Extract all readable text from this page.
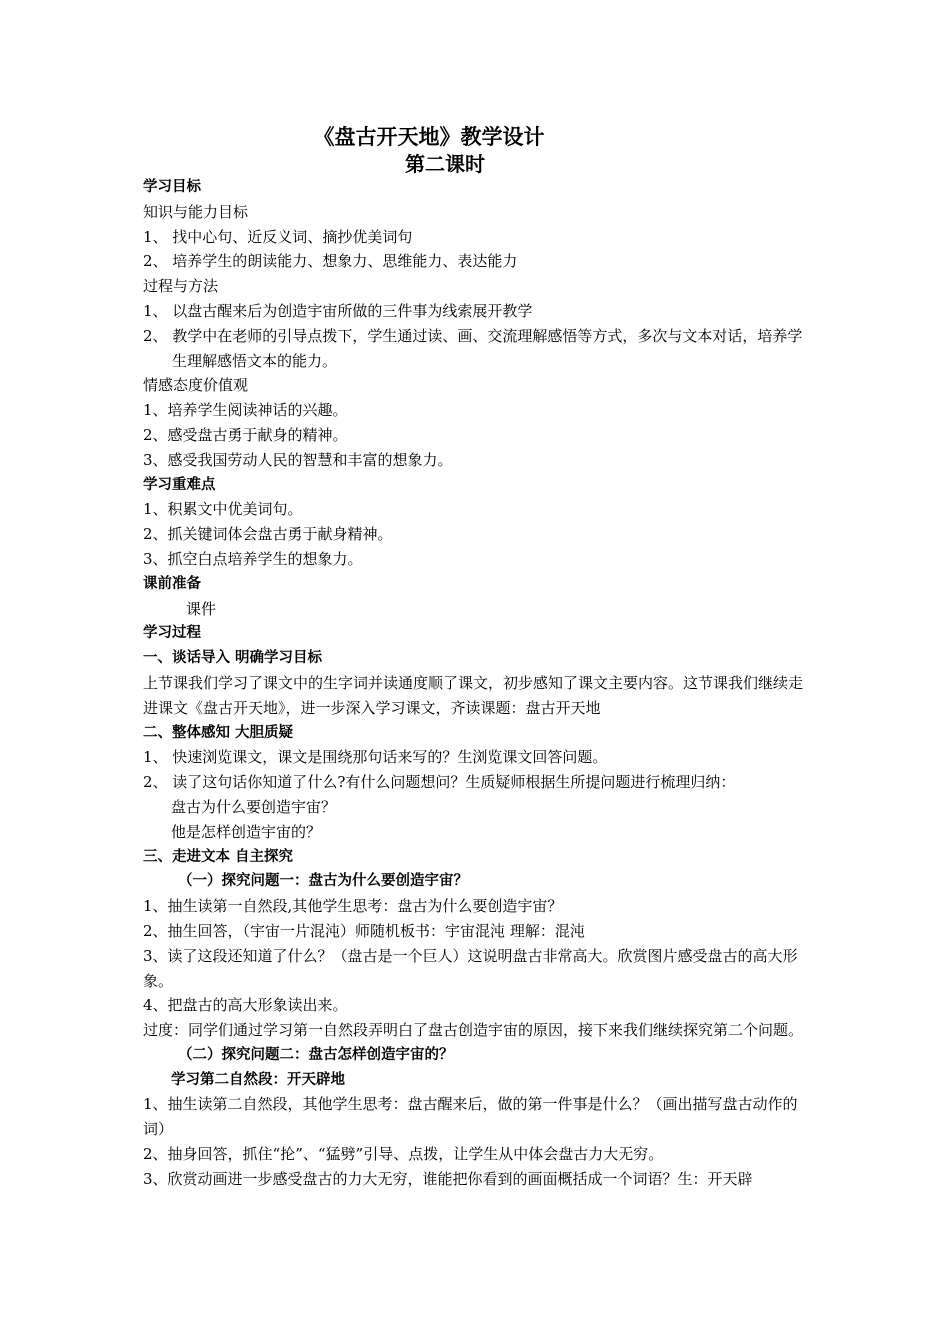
《盘古开天地》教学设计
第二课时
学习目标
知识与能力目标
1、 找中心句、近反义词、摘抄优美词句
2、 培养学生的朗读能力、想象力、思维能力、表达能力
过程与方法
1、 以盘古醒来后为创造宇宙所做的三件事为线索展开教学
2、 教学中在老师的引导点拨下，学生通过读、画、交流理解感悟等方式，多次与文本对话，培养学生理解感悟文本的能力。
情感态度价值观
1、培养学生阅读神话的兴趣。
2、感受盘古勇于献身的精神。
3、感受我国劳动人民的智慧和丰富的想象力。
学习重难点
1、积累文中优美词句。
2、抓关键词体会盘古勇于献身精神。
3、抓空白点培养学生的想象力。
课前准备
课件
学习过程
一、谈话导入 明确学习目标
上节课我们学习了课文中的生字词并读通度顺了课文，初步感知了课文主要内容。这节课我们继续走进课文《盘古开天地》，进一步深入学习课文，齐读课题：盘古开天地
二、整体感知 大胆质疑
1、 快速浏览课文，课文是围绕那句话来写的？生浏览课文回答问题。
2、 读了这句话你知道了什么?有什么问题想问？生质疑师根据生所提问题进行梳理归纳：
盘古为什么要创造宇宙？
他是怎样创造宇宙的？
三、走进文本 自主探究
（一）探究问题一：盘古为什么要创造宇宙？
1、抽生读第一自然段,其他学生思考：盘古为什么要创造宇宙？
2、抽生回答，（宇宙一片混沌）师随机板书：宇宙混沌 理解：混沌
3、读了这段还知道了什么？（盘古是一个巨人）这说明盘古非常高大。欣赏图片感受盘古的高大形象。
4、把盘古的高大形象读出来。
过度：同学们通过学习第一自然段弄明白了盘古创造宇宙的原因，接下来我们继续探究第二个问题。
（二）探究问题二：盘古怎样创造宇宙的？
学习第二自然段：开天辟地
1、抽生读第二自然段，其他学生思考：盘古醒来后，做的第一件事是什么？（画出描写盘古动作的词）
2、抽身回答，抓住“抡”、“猛劈”引导、点拨，让学生从中体会盘古力大无穷。
3、欣赏动画进一步感受盘古的力大无穷，谁能把你看到的画面概括成一个词语？生：开天辟
